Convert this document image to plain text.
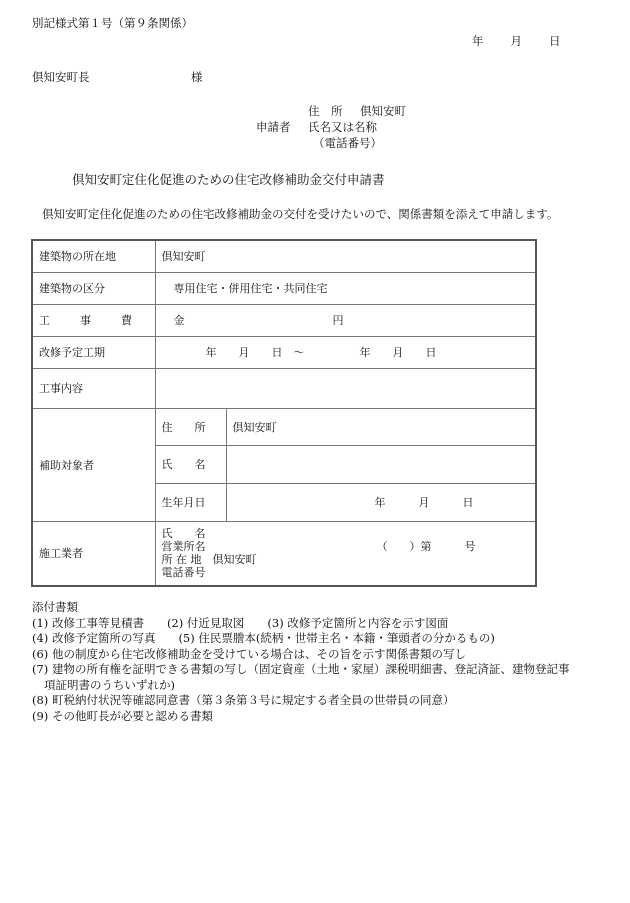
別記様式第１号（第９条関係）
年 月 日
倶知安町長	様
住　所 倶知安町
申請者 氏名又は名称
（電話番号）
倶知安町定住化促進のための住宅改修補助金交付申請書
倶知安町定住化促進のための住宅改修補助金の交付を受けたいので、関係書類を添えて申請します。
建築物の所在地	倶知安町	
建築物の区分	専用住宅・併用住宅・共同住宅	
工 事 費	金 円	
改修予定工期	年　　月　　日　～　　　　　年　　月　　日	
工事内容		
補助対象者	住　　所	倶知安町
	氏　　名	
	生年月日	年　　　月　　　日
施工業者	氏　　名
営業所名 （　　）第　　　号
所 在 地　倶知安町
電話番号	
添付書類
(1) 改修工事等見積書　　(2) 付近見取図　　(3) 改修予定箇所と内容を示す図面
(4) 改修予定箇所の写真　　(5) 住民票謄本(続柄・世帯主名・本籍・筆頭者の分かるもの)
(6) 他の制度から住宅改修補助金を受けている場合は、その旨を示す関係書類の写し
(7) 建物の所有権を証明できる書類の写し（固定資産（土地・家屋）課税明細書、登記済証、建物登記事
項証明書のうちいずれか)
(8) 町税納付状況等確認同意書（第３条第３号に規定する者全員の世帯員の同意）
(9) その他町長が必要と認める書類
